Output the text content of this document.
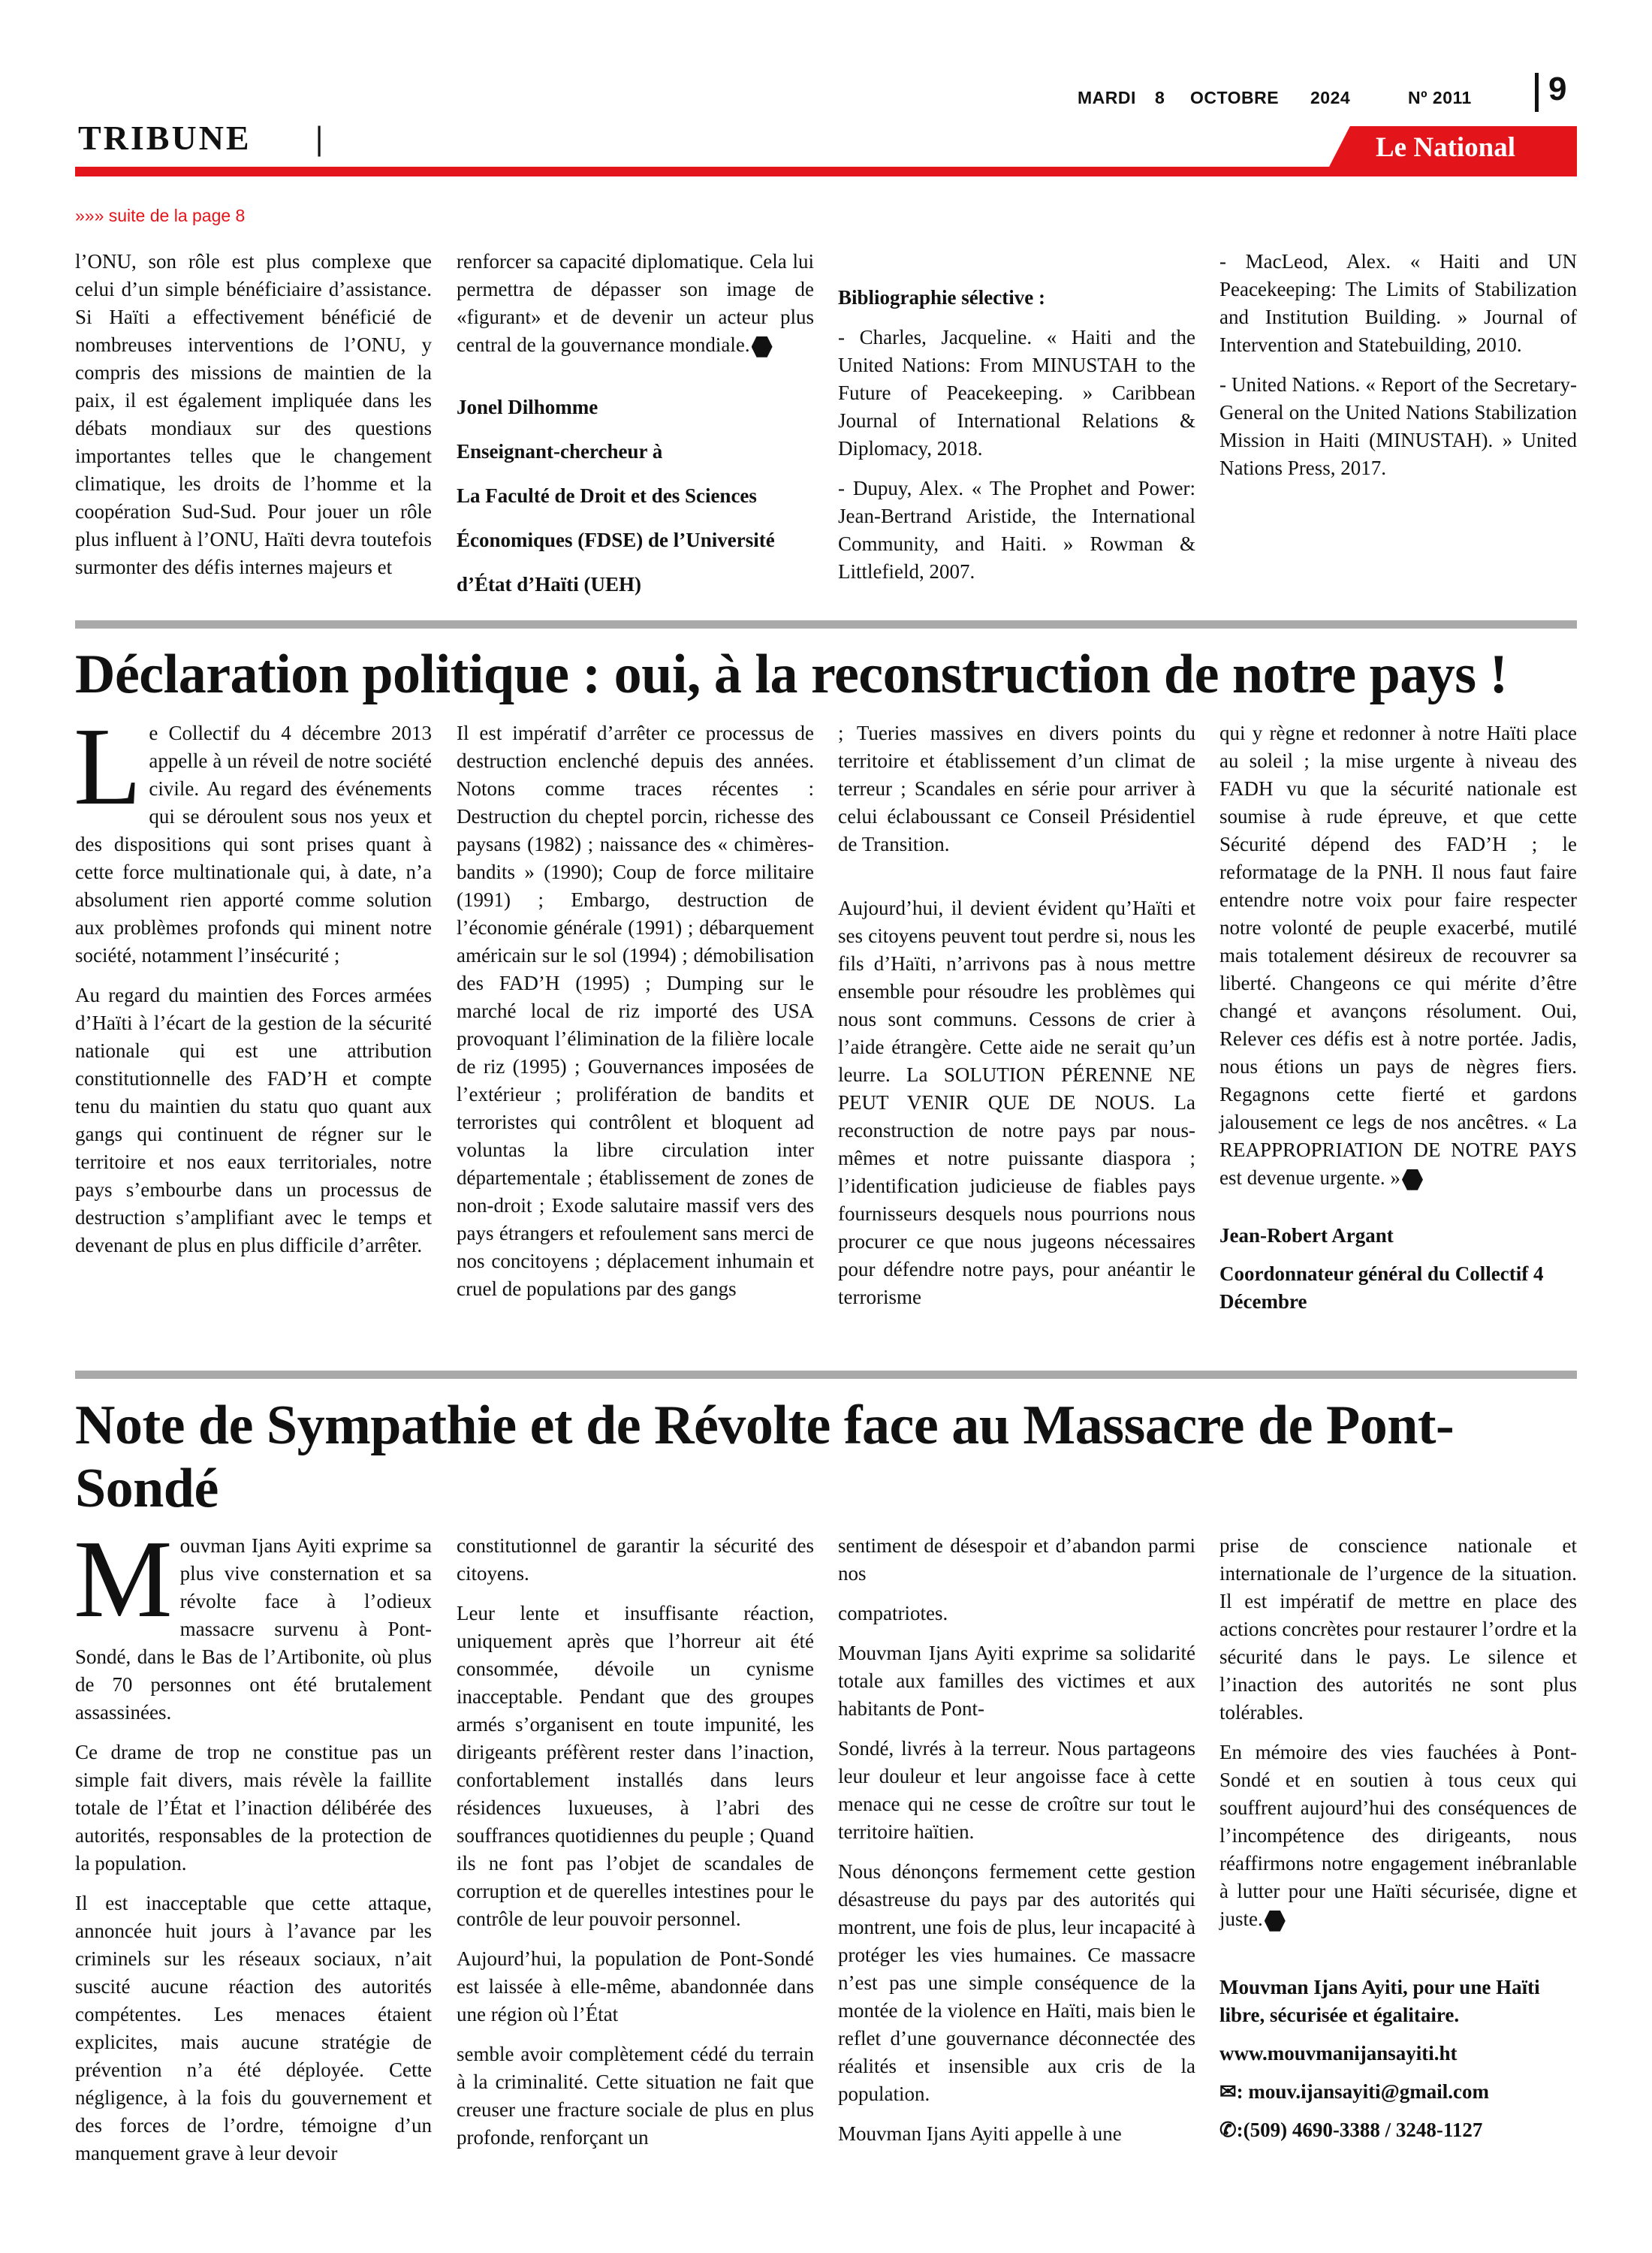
MARDI 8 OCTOBRE 2024	Nº 2011 9
TRIBUNE |	Le National
»»» suite de la page 8

l’ONU, son rôle est plus complexe que celui d’un simple bénéficiaire d’assistance. Si Haïti a effectivement bénéficié de nombreuses interventions de l’ONU, y compris des missions de maintien de la paix, il est également impliquée dans les débats mondiaux sur des questions importantes telles que le changement climatique, les droits de l’homme et la coopération Sud-Sud. Pour jouer un rôle plus influent à l’ONU, Haïti devra toutefois surmonter des défis internes majeurs et

renforcer sa capacité diplomatique. Cela lui permettra de dépasser son image de «figurant» et de devenir un acteur plus central de la gouvernance mondiale.

Jonel Dilhomme

Enseignant-chercheur à

La Faculté de Droit et des Sciences

Économiques (FDSE) de l’Université

d’État d’Haïti (UEH)

Bibliographie sélective :

- Charles, Jacqueline. « Haiti and the United Nations: From MINUSTAH to the Future of Peacekeeping. » Caribbean Journal of International Relations & Diplomacy, 2018.

- Dupuy, Alex. « The Prophet and Power: Jean-Bertrand Aristide, the International Community, and Haiti. » Rowman & Littlefield, 2007.

- MacLeod, Alex. « Haiti and UN Peacekeeping: The Limits of Stabilization and Institution Building. » Journal of Intervention and Statebuilding, 2010.

- United Nations. « Report of the Secretary-General on the United Nations Stabilization Mission in Haiti (MINUSTAH). » United Nations Press, 2017.

Déclaration politique : oui, à la reconstruction de notre pays !

Le Collectif du 4 décembre 2013 appelle à un réveil de notre société civile. Au regard des événements qui se déroulent sous nos yeux et des dispositions qui sont prises quant à cette force multinationale qui, à date, n’a absolument rien apporté comme solution aux problèmes profonds qui minent notre société, notamment l’insécurité ;

Au regard du maintien des Forces armées d’Haïti à l’écart de la gestion de la sécurité nationale qui est une attribution constitutionnelle des FAD’H et compte tenu du maintien du statu quo quant aux gangs qui continuent de régner sur le territoire et nos eaux territoriales, notre pays s’embourbe dans un processus de destruction s’amplifiant avec le temps et devenant de plus en plus difficile d’arrêter.

Il est impératif d’arrêter ce processus de destruction enclenché depuis des années. Notons comme traces récentes : Destruction du cheptel porcin, richesse des paysans (1982) ; naissance des « chimères-bandits » (1990); Coup de force militaire (1991) ; Embargo, destruction de l’économie générale (1991) ; débarquement américain sur le sol (1994) ; démobilisation des FAD’H (1995) ; Dumping sur le marché local de riz importé des USA provoquant l’élimination de la filière locale de riz (1995) ; Gouvernances imposées de l’extérieur ; prolifération de bandits et terroristes qui contrôlent et bloquent ad voluntas la libre circulation inter départementale ; établissement de zones de non-droit ; Exode salutaire massif vers des pays étrangers et refoulement sans merci de nos concitoyens ; déplacement inhumain et cruel de populations par des gangs

; Tueries massives en divers points du territoire et établissement d’un climat de terreur ; Scandales en série pour arriver à celui éclaboussant ce Conseil Présidentiel de Transition.

Aujourd’hui, il devient évident qu’Haïti et ses citoyens peuvent tout perdre si, nous les fils d’Haïti, n’arrivons pas à nous mettre ensemble pour résoudre les problèmes qui nous sont communs. Cessons de crier à l’aide étrangère. Cette aide ne serait qu’un leurre. La SOLUTION PÉRENNE NE PEUT VENIR QUE DE NOUS. La reconstruction de notre pays par nous-mêmes et notre puissante diaspora ; l’identification judicieuse de fiables pays fournisseurs desquels nous pourrions nous procurer ce que nous jugeons nécessaires pour défendre notre pays, pour anéantir le terrorisme

qui y règne et redonner à notre Haïti place au soleil ; la mise urgente à niveau des FADH vu que la sécurité nationale est soumise à rude épreuve, et que cette Sécurité dépend des FAD’H ; le reformatage de la PNH. Il nous faut faire entendre notre voix pour faire respecter notre volonté de peuple exacerbé, mutilé mais totalement désireux de recouvrer sa liberté. Changeons ce qui mérite d’être changé et avançons résolument. Oui, Relever ces défis est à notre portée. Jadis, nous étions un pays de nègres fiers. Regagnons cette fierté et gardons jalousement ce legs de nos ancêtres. « La REAPPROPRIATION DE NOTRE PAYS est devenue urgente. »

Jean-Robert Argant

Coordonnateur général du Collectif 4 Décembre

Note de Sympathie et de Révolte face au Massacre de Pont-Sondé

Mouvman Ijans Ayiti exprime sa plus vive consternation et sa révolte face à l’odieux massacre survenu à Pont-Sondé, dans le Bas de l’Artibonite, où plus de 70 personnes ont été brutalement assassinées.

Ce drame de trop ne constitue pas un simple fait divers, mais révèle la faillite totale de l’État et l’inaction délibérée des autorités, responsables de la protection de la population.

Il est inacceptable que cette attaque, annoncée huit jours à l’avance par les criminels sur les réseaux sociaux, n’ait suscité aucune réaction des autorités compétentes. Les menaces étaient explicites, mais aucune stratégie de prévention n’a été déployée. Cette négligence, à la fois du gouvernement et des forces de l’ordre, témoigne d’un manquement grave à leur devoir

constitutionnel de garantir la sécurité des citoyens.

Leur lente et insuffisante réaction, uniquement après que l’horreur ait été consommée, dévoile un cynisme inacceptable. Pendant que des groupes armés s’organisent en toute impunité, les dirigeants préfèrent rester dans l’inaction, confortablement installés dans leurs résidences luxueuses, à l’abri des souffrances quotidiennes du peuple ; Quand ils ne font pas l’objet de scandales de corruption et de querelles intestines pour le contrôle de leur pouvoir personnel.

Aujourd’hui, la population de Pont-Sondé est laissée à elle-même, abandonnée dans une région où l’État

semble avoir complètement cédé du terrain à la criminalité. Cette situation ne fait que creuser une fracture sociale de plus en plus profonde, renforçant un

sentiment de désespoir et d’abandon parmi nos

compatriotes.

Mouvman Ijans Ayiti exprime sa solidarité totale aux familles des victimes et aux habitants de Pont-

Sondé, livrés à la terreur. Nous partageons leur douleur et leur angoisse face à cette menace qui ne cesse de croître sur tout le territoire haïtien.

Nous dénonçons fermement cette gestion désastreuse du pays par des autorités qui montrent, une fois de plus, leur incapacité à protéger les vies humaines. Ce massacre n’est pas une simple conséquence de la montée de la violence en Haïti, mais bien le reflet d’une gouvernance déconnectée des réalités et insensible aux cris de la population.

Mouvman Ijans Ayiti appelle à une

prise de conscience nationale et internationale de l’urgence de la situation. Il est impératif de mettre en place des actions concrètes pour restaurer l’ordre et la sécurité dans le pays. Le silence et l’inaction des autorités ne sont plus tolérables.

En mémoire des vies fauchées à Pont-Sondé et en soutien à tous ceux qui souffrent aujourd’hui des conséquences de l’incompétence des dirigeants, nous réaffirmons notre engagement inébranlable à lutter pour une Haïti sécurisée, digne et juste.

Mouvman Ijans Ayiti, pour une Haïti libre, sécurisée et égalitaire.

www.mouvmanijansayiti.ht

✉: mouv.ijansayiti@gmail.com

✆:(509) 4690-3388 / 3248-1127
